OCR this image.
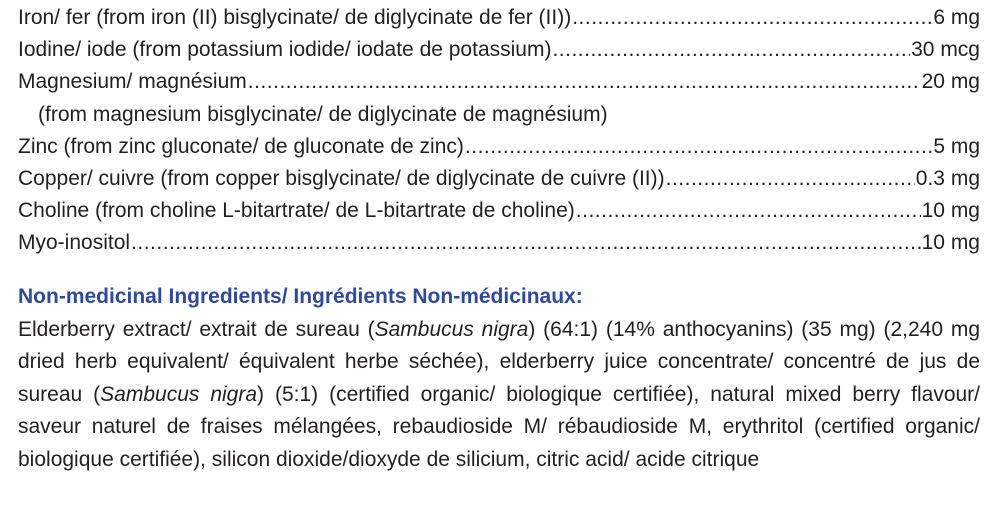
Iron/ fer (from iron (II) bisglycinate/ de diglycinate de fer (II)) .....	6 mg
Iodine/ iode (from potassium iodide/ iodate de potassium) .....	30 mcg
Magnesium/ magnésium .....	20 mg
(from magnesium bisglycinate/ de diglycinate de magnésium)
Zinc (from zinc gluconate/ de gluconate de zinc) .....	5 mg
Copper/ cuivre (from copper bisglycinate/ de diglycinate de cuivre (II)) .....	0.3 mg
Choline (from choline L-bitartrate/ de L-bitartrate de choline) .....	10 mg
Myo-inositol .....	10 mg
Non-medicinal Ingredients/ Ingrédients Non-médicinaux:
Elderberry extract/ extrait de sureau (Sambucus nigra) (64:1) (14% anthocyanins) (35 mg) (2,240 mg dried herb equivalent/ équivalent herbe séchée), elderberry juice concentrate/ concentré de jus de sureau (Sambucus nigra) (5:1) (certified organic/ biologique certifiée), natural mixed berry flavour/ saveur naturel de fraises mélangées, rebaudioside M/ rébaudioside M, erythritol (certified organic/ biologique certifiée), silicon dioxide/dioxyde de silicium, citric acid/ acide citrique
